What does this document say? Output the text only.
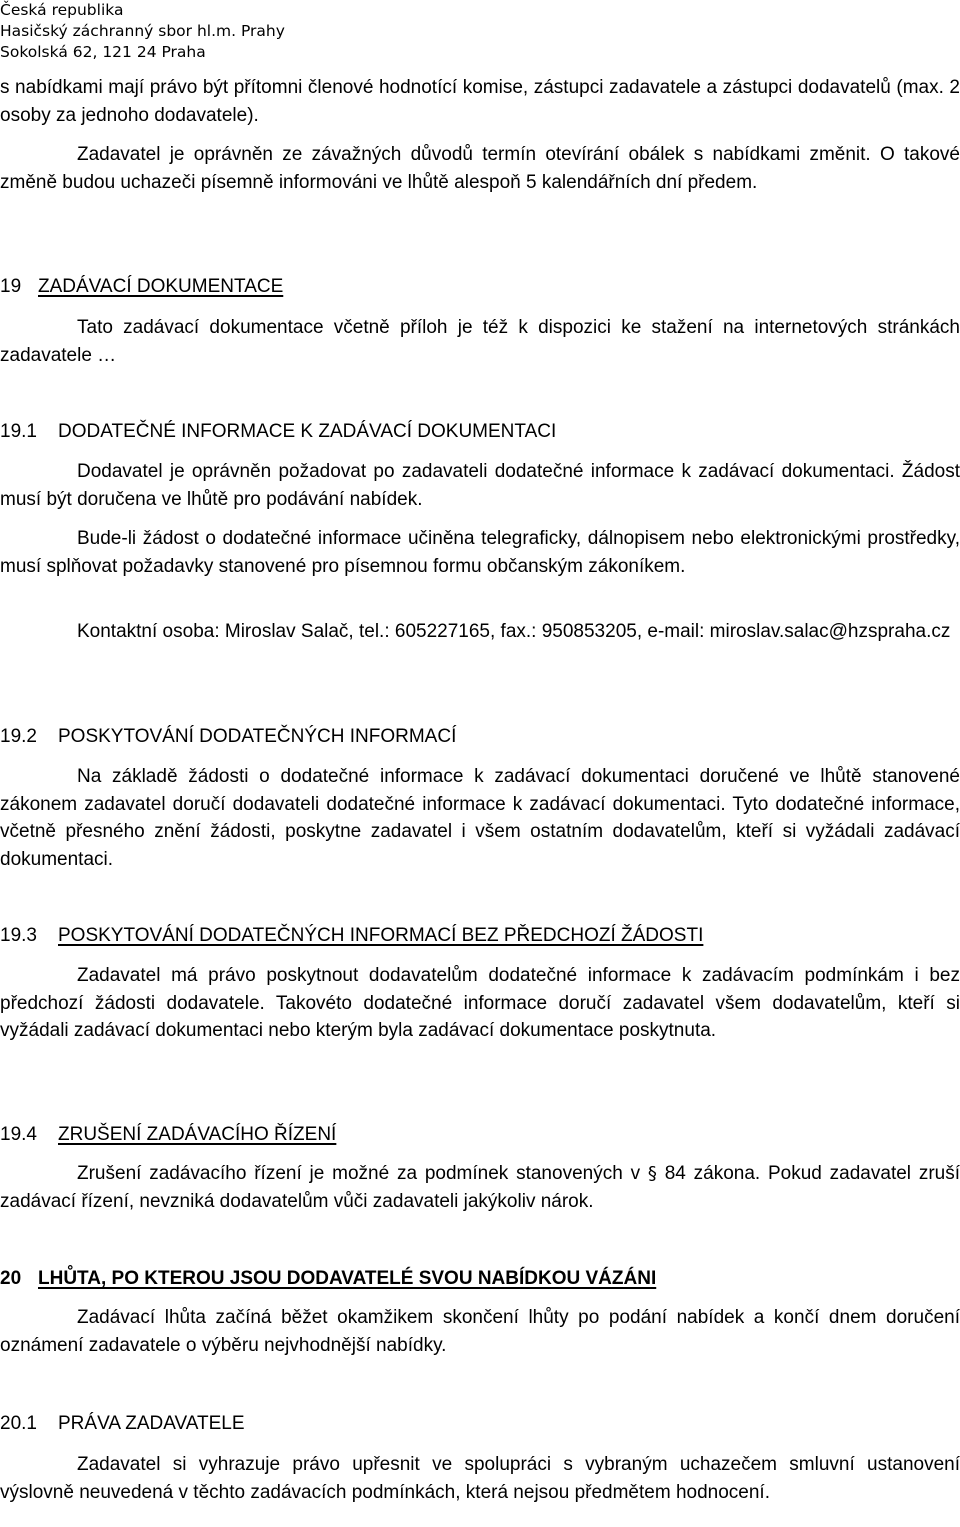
Česká republika
Hasičský záchranný sbor hl.m. Prahy
Sokolská 62, 121 24 Praha
s nabídkami mají právo být přítomni členové hodnotící komise, zástupci zadavatele a zástupci dodavatelů (max. 2 osoby za jednoho dodavatele).
Zadavatel je oprávněn ze závažných důvodů termín otevírání obálek s nabídkami změnit. O takové změně budou uchazeči písemně informováni ve lhůtě alespoň 5 kalendářních dní předem.
19 ZADÁVACÍ DOKUMENTACE
Tato zadávací dokumentace včetně příloh je též k dispozici ke stažení na internetových stránkách zadavatele …
19.1 DODATEČNÉ INFORMACE K ZADÁVACÍ DOKUMENTACI
Dodavatel je oprávněn požadovat po zadavateli dodatečné informace k zadávací dokumentaci. Žádost musí být doručena ve lhůtě pro podávání nabídek.
Bude-li žádost o dodatečné informace učiněna telegraficky, dálnopisem nebo elektronickými prostředky, musí splňovat požadavky stanovené pro písemnou formu občanským zákoníkem.
Kontaktní osoba: Miroslav Salač, tel.: 605227165, fax.: 950853205, e-mail: miroslav.salac@hzspraha.cz
19.2 POSKYTOVÁNÍ DODATEČNÝCH INFORMACÍ
Na základě žádosti o dodatečné informace k zadávací dokumentaci doručené ve lhůtě stanovené zákonem zadavatel doručí dodavateli dodatečné informace k zadávací dokumentaci. Tyto dodatečné informace, včetně přesného znění žádosti, poskytne zadavatel i všem ostatním dodavatelům, kteří si vyžádali zadávací dokumentaci.
19.3 POSKYTOVÁNÍ DODATEČNÝCH INFORMACÍ BEZ PŘEDCHOZÍ ŽÁDOSTI
Zadavatel má právo poskytnout dodavatelům dodatečné informace k zadávacím podmínkám i bez předchozí žádosti dodavatele. Takovéto dodatečné informace doručí zadavatel všem dodavatelům, kteří si vyžádali zadávací dokumentaci nebo kterým byla zadávací dokumentace poskytnuta.
19.4 ZRUŠENÍ ZADÁVACÍHO ŘÍZENÍ
Zrušení zadávacího řízení je možné za podmínek stanovených v § 84 zákona. Pokud zadavatel zruší zadávací řízení, nevzniká dodavatelům vůči zadavateli jakýkoliv nárok.
20 LHŮTA, PO KTEROU JSOU DODAVATELÉ SVOU NABÍDKOU VÁZÁNI
Zadávací lhůta začíná běžet okamžikem skončení lhůty po podání nabídek a končí dnem doručení oznámení zadavatele o výběru nejvhodnější nabídky.
20.1 PRÁVA ZADAVATELE
Zadavatel si vyhrazuje právo upřesnit ve spolupráci s vybraným uchazečem smluvní ustanovení výslovně neuvedená v těchto zadávacích podmínkách, která nejsou předmětem hodnocení.
